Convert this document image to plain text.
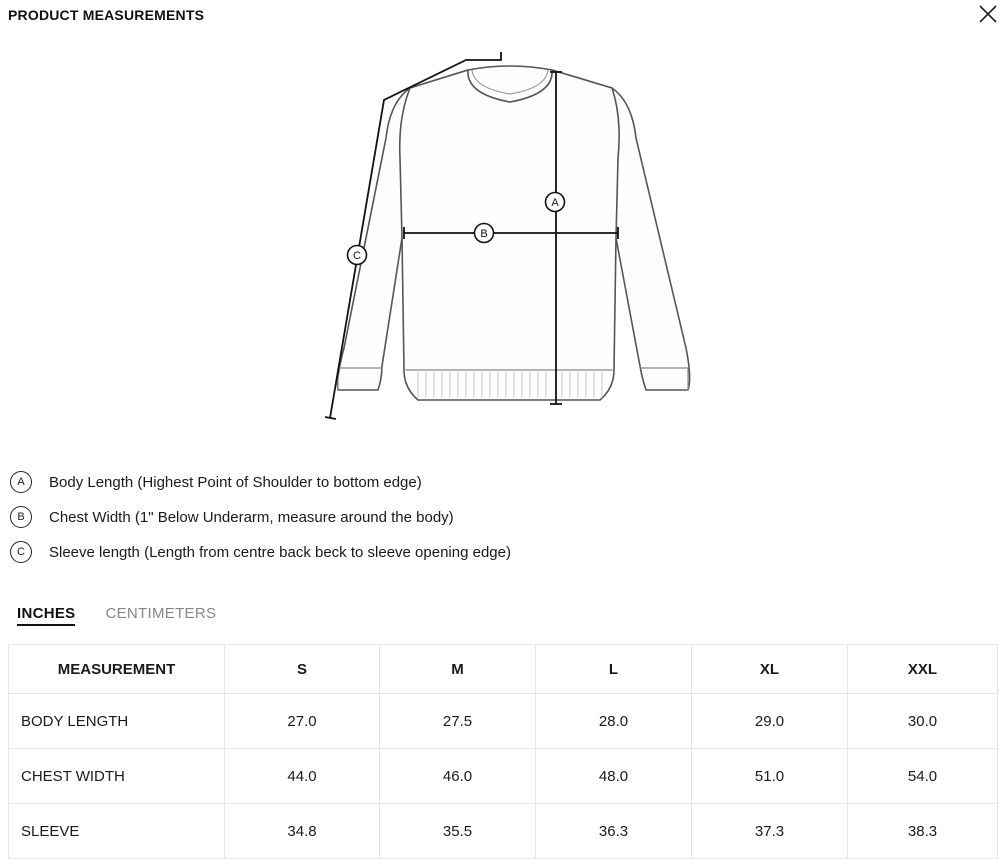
PRODUCT MEASUREMENTS
A
B
C
A	Body Length (Highest Point of Shoulder to bottom edge)
B	Chest Width (1" Below Underarm, measure around the body)
C	Sleeve length (Length from centre back beck to sleeve opening edge)
INCHES CENTIMETERS
MEASUREMENT	S	M	L	XL	XXL
BODY LENGTH	27.0	27.5	28.0	29.0	30.0
CHEST WIDTH	44.0	46.0	48.0	51.0	54.0
SLEEVE	34.8	35.5	36.3	37.3	38.3
